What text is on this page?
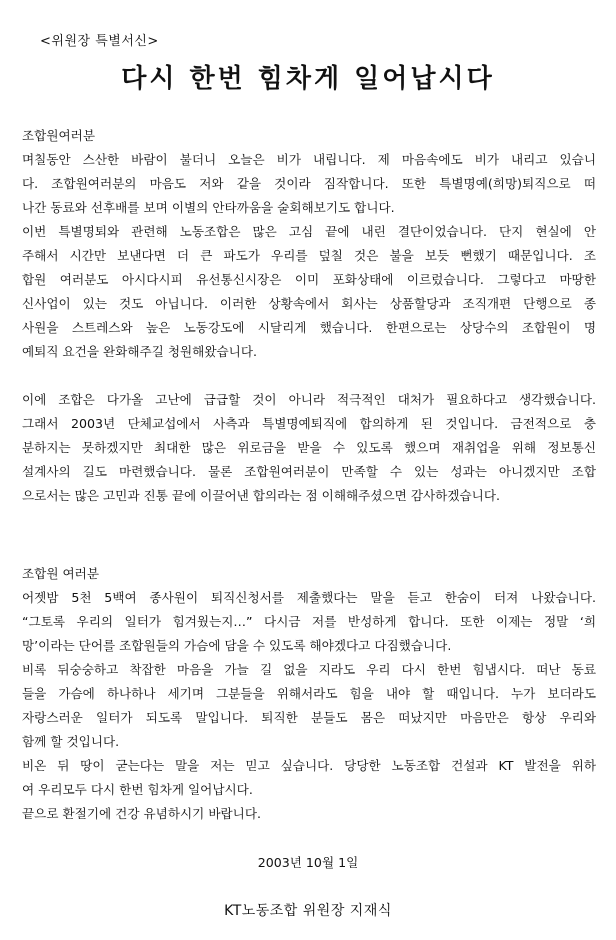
<위원장 특별서신>
다시 한번 힘차게 일어납시다
조합원여러분
며칠동안 스산한 바람이 불더니 오늘은 비가 내립니다. 제 마음속에도 비가 내리고 있습니
다. 조합원여러분의 마음도 저와 같을 것이라 짐작합니다. 또한 특별명예(희망)퇴직으로 떠
나간 동료와 선후배를 보며 이별의 안타까움을 술회해보기도 합니다.
이번 특별명퇴와 관련해 노동조합은 많은 고심 끝에 내린 결단이었습니다. 단지 현실에 안
주해서 시간만 보낸다면 더 큰 파도가 우리를 덮칠 것은 불을 보듯 뻔했기 때문입니다. 조
합원 여러분도 아시다시피 유선통신시장은 이미 포화상태에 이르렀습니다. 그렇다고 마땅한
신사업이 있는 것도 아닙니다. 이러한 상황속에서 회사는 상품할당과 조직개편 단행으로 종
사원을 스트레스와 높은 노동강도에 시달리게 했습니다. 한편으로는 상당수의 조합원이 명
예퇴직 요건을 완화해주길 청원해왔습니다.
이에 조합은 다가올 고난에 급급할 것이 아니라 적극적인 대처가 필요하다고 생각했습니다.
그래서 2003년 단체교섭에서 사측과 특별명예퇴직에 합의하게 된 것입니다. 금전적으로 충
분하지는 못하겠지만 최대한 많은 위로금을 받을 수 있도록 했으며 재취업을 위해 정보통신
설계사의 길도 마련했습니다. 물론 조합원여러분이 만족할 수 있는 성과는 아니겠지만 조합
으로서는 많은 고민과 진통 끝에 이끌어낸 합의라는 점 이해해주셨으면 감사하겠습니다.
조합원 여러분
어젯밤 5천 5백여 종사원이 퇴직신청서를 제출했다는 말을 듣고 한숨이 터져 나왔습니다.
“그토록 우리의 일터가 힘겨웠는지…” 다시금 저를 반성하게 합니다. 또한 이제는 정말 ‘희
망’이라는 단어를 조합원들의 가슴에 담을 수 있도록 해야겠다고 다짐했습니다.
비록 뒤숭숭하고 착잡한 마음을 가늘 길 없을 지라도 우리 다시 한번 힘냅시다. 떠난 동료
들을 가슴에 하나하나 세기며 그분들을 위해서라도 힘을 내야 할 때입니다. 누가 보더라도
자랑스러운 일터가 되도록 말입니다. 퇴직한 분들도 몸은 떠났지만 마음만은 항상 우리와
함께 할 것입니다.
비온 뒤 땅이 굳는다는 말을 저는 믿고 싶습니다. 당당한 노동조합 건설과 KT 발전을 위하
여 우리모두 다시 한번 힘차게 일어납시다.
끝으로 환절기에 건강 유념하시기 바랍니다.
2003년 10월 1일
KT노동조합 위원장 지재식
